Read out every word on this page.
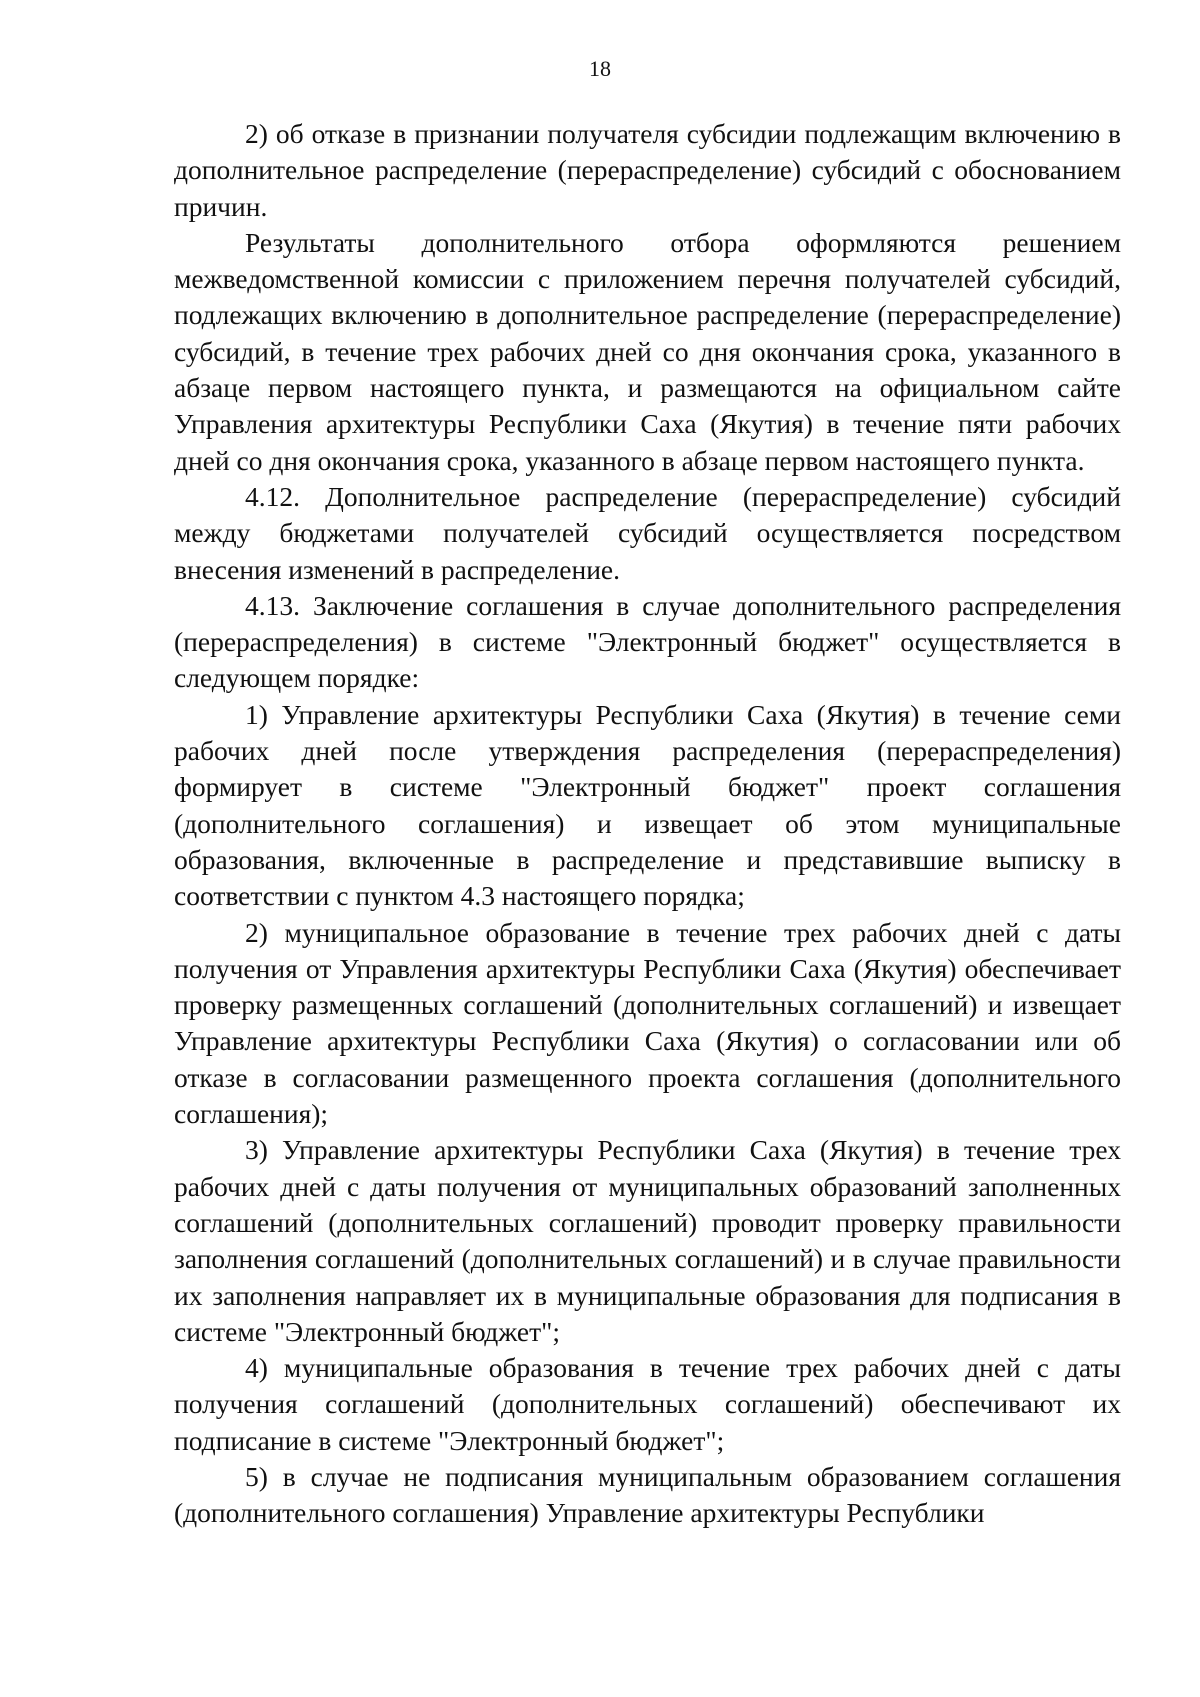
18

2) об отказе в признании получателя субсидии подлежащим включению в дополнительное распределение (перераспределение) субсидий с обоснованием причин.

Результаты дополнительного отбора оформляются решением межведомственной комиссии с приложением перечня получателей субсидий, подлежащих включению в дополнительное распределение (перераспределение) субсидий, в течение трех рабочих дней со дня окончания срока, указанного в абзаце первом настоящего пункта, и размещаются на официальном сайте Управления архитектуры Республики Саха (Якутия) в течение пяти рабочих дней со дня окончания срока, указанного в абзаце первом настоящего пункта.

4.12. Дополнительное распределение (перераспределение) субсидий между бюджетами получателей субсидий осуществляется посредством внесения изменений в распределение.

4.13. Заключение соглашения в случае дополнительного распределения (перераспределения) в системе "Электронный бюджет" осуществляется в следующем порядке:

1) Управление архитектуры Республики Саха (Якутия) в течение семи рабочих дней после утверждения распределения (перераспределения) формирует в системе "Электронный бюджет" проект соглашения (дополнительного соглашения) и извещает об этом муниципальные образования, включенные в распределение и представившие выписку в соответствии с пунктом 4.3 настоящего порядка;

2) муниципальное образование в течение трех рабочих дней с даты получения от Управления архитектуры Республики Саха (Якутия) обеспечивает проверку размещенных соглашений (дополнительных соглашений) и извещает Управление архитектуры Республики Саха (Якутия) о согласовании или об отказе в согласовании размещенного проекта соглашения (дополнительного соглашения);

3) Управление архитектуры Республики Саха (Якутия) в течение трех рабочих дней с даты получения от муниципальных образований заполненных соглашений (дополнительных соглашений) проводит проверку правильности заполнения соглашений (дополнительных соглашений) и в случае правильности их заполнения направляет их в муниципальные образования для подписания в системе "Электронный бюджет";

4) муниципальные образования в течение трех рабочих дней с даты получения соглашений (дополнительных соглашений) обеспечивают их подписание в системе "Электронный бюджет";

5) в случае не подписания муниципальным образованием соглашения (дополнительного соглашения) Управление архитектуры Республики
